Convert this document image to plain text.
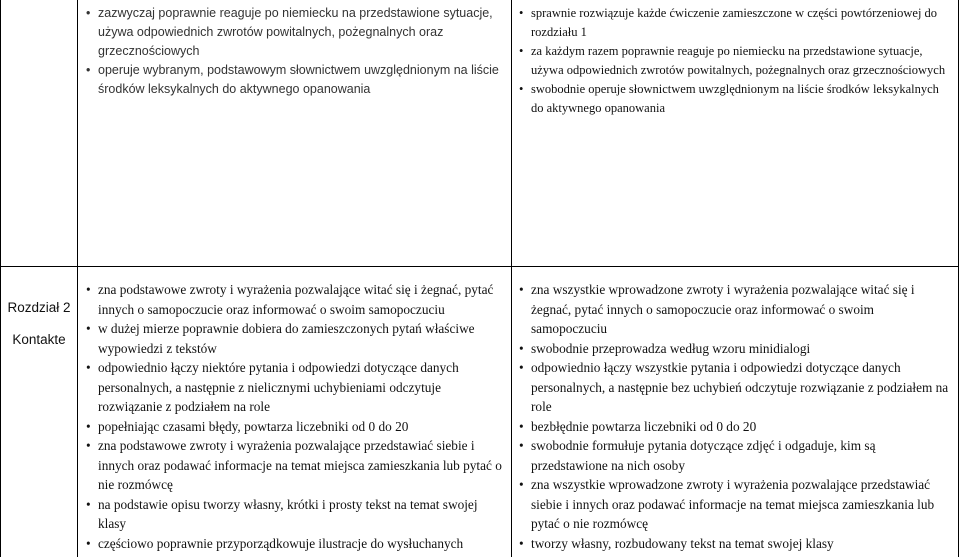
• zazwyczaj poprawnie reaguje po niemiecku na przedstawione sytuacje, używa odpowiednich zwrotów powitalnych, pożegnalnych oraz grzecznościowych
• operuje wybranym, podstawowym słownictwem uwzględnionym na liście środków leksykalnych do aktywnego opanowania
• sprawnie rozwiązuje każde ćwiczenie zamieszczone w części powtórzeniowej do rozdziału 1
• za każdym razem poprawnie reaguje po niemiecku na przedstawione sytuacje, używa odpowiednich zwrotów powitalnych, pożegnalnych oraz grzecznościowych
• swobodnie operuje słownictwem uwzględnionym na liście środków leksykalnych do aktywnego opanowania
Rozdział 2
Kontakte
• zna podstawowe zwroty i wyrażenia pozwalające witać się i żegnać, pytać innych o samopoczucie oraz informować o swoim samopoczuciu
• w dużej mierze poprawnie dobiera do zamieszczonych pytań właściwe wypowiedzi z tekstów
• odpowiednio łączy niektóre pytania i odpowiedzi dotyczące danych personalnych, a następnie z nielicznymi uchybieniami odczytuje rozwiązanie z podziałem na role
• popełniając czasami błędy, powtarza liczebniki od 0 do 20
• zna podstawowe zwroty i wyrażenia pozwalające przedstawiać siebie i innych oraz podawać informacje na temat miejsca zamieszkania lub pytać o nie rozmówcę
• na podstawie opisu tworzy własny, krótki i prosty tekst na temat swojej klasy
• częściowo poprawnie przyporządkowuje ilustracje do wysłuchanych
• zna wszystkie wprowadzone zwroty i wyrażenia pozwalające witać się i żegnać, pytać innych o samopoczucie oraz informować o swoim samopoczuciu
• swobodnie przeprowadza według wzoru minidialogi
• odpowiednio łączy wszystkie pytania i odpowiedzi dotyczące danych personalnych, a następnie bez uchybień odczytuje rozwiązanie z podziałem na role
• bezbłędnie powtarza liczebniki od 0 do 20
• swobodnie formułuje pytania dotyczące zdjęć i odgaduje, kim są przedstawione na nich osoby
• zna wszystkie wprowadzone zwroty i wyrażenia pozwalające przedstawiać siebie i innych oraz podawać informacje na temat miejsca zamieszkania lub pytać o nie rozmówcę
• tworzy własny, rozbudowany tekst na temat swojej klasy
